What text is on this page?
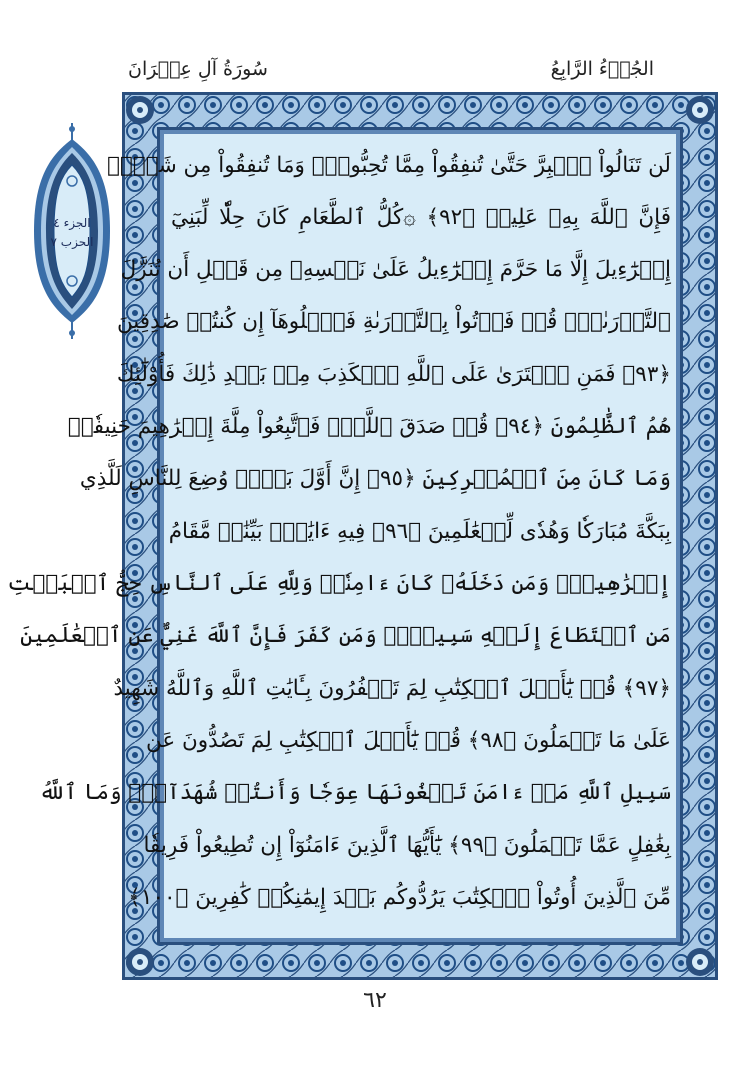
سُورَةُ آلِ عِمۡرَانَ	الجُزۡءُ الرَّابِعُ
الجزء ٤
الحزب ٧
لَن تَنَالُواْ ٱلۡبِرَّ حَتَّىٰ تُنفِقُواْ مِمَّا تُحِبُّونَۚ وَمَا تُنفِقُواْ مِن شَيۡءٖ
فَإِنَّ ٱللَّهَ بِهِۦ عَلِيمٞ ﴿٩٢﴾ ۞كُلُّ ٱلطَّعَامِ كَانَ حِلّٗا لِّبَنِيٓ
إِسۡرَٰٓءِيلَ إِلَّا مَا حَرَّمَ إِسۡرَٰٓءِيلُ عَلَىٰ نَفۡسِهِۦ مِن قَبۡلِ أَن تُنَزَّلَ
ٱلتَّوۡرَىٰةُۚ قُلۡ فَأۡتُواْ بِٱلتَّوۡرَىٰةِ فَٱتۡلُوهَآ إِن كُنتُمۡ صَٰدِقِينَ
﴿٩٣﴾ فَمَنِ ٱفۡتَرَىٰ عَلَى ٱللَّهِ ٱلۡكَذِبَ مِنۢ بَعۡدِ ذَٰلِكَ فَأُوْلَٰٓئِكَ
هُمُ ٱلظَّٰلِمُونَ ﴿٩٤﴾ قُلۡ صَدَقَ ٱللَّهُۗ فَٱتَّبِعُواْ مِلَّةَ إِبۡرَٰهِيمَ حَنِيفٗاۖ
وَمَا كَانَ مِنَ ٱلۡمُشۡرِكِينَ ﴿٩٥﴾ إِنَّ أَوَّلَ بَيۡتٖ وُضِعَ لِلنَّاسِ لَلَّذِي
بِبَكَّةَ مُبَارَكٗا وَهُدٗى لِّلۡعَٰلَمِينَ ﴿٩٦﴾ فِيهِ ءَايَٰتُۢ بَيِّنَٰتٞ مَّقَامُ
إِبۡرَٰهِيمَۖ وَمَن دَخَلَهُۥ كَانَ ءَامِنٗاۗ وَلِلَّهِ عَلَى ٱلنَّاسِ حِجُّ ٱلۡبَيۡتِ
مَنِ ٱسۡتَطَاعَ إِلَيۡهِ سَبِيلٗاۚ وَمَن كَفَرَ فَإِنَّ ٱللَّهَ غَنِيٌّ عَنِ ٱلۡعَٰلَمِينَ
﴿٩٧﴾ قُلۡ يَٰٓأَهۡلَ ٱلۡكِتَٰبِ لِمَ تَكۡفُرُونَ بِـَٔايَٰتِ ٱللَّهِ وَٱللَّهُ شَهِيدٌ
عَلَىٰ مَا تَعۡمَلُونَ ﴿٩٨﴾ قُلۡ يَٰٓأَهۡلَ ٱلۡكِتَٰبِ لِمَ تَصُدُّونَ عَن
سَبِيلِ ٱللَّهِ مَنۡ ءَامَنَ تَبۡغُونَهَا عِوَجٗا وَأَنتُمۡ شُهَدَآءُۗ وَمَا ٱللَّهُ
بِغَٰفِلٍ عَمَّا تَعۡمَلُونَ ﴿٩٩﴾ يَٰٓأَيُّهَا ٱلَّذِينَ ءَامَنُوٓاْ إِن تُطِيعُواْ فَرِيقٗا
مِّنَ ٱلَّذِينَ أُوتُواْ ٱلۡكِتَٰبَ يَرُدُّوكُم بَعۡدَ إِيمَٰنِكُمۡ كَٰفِرِينَ ﴿١٠٠﴾
٦٢
